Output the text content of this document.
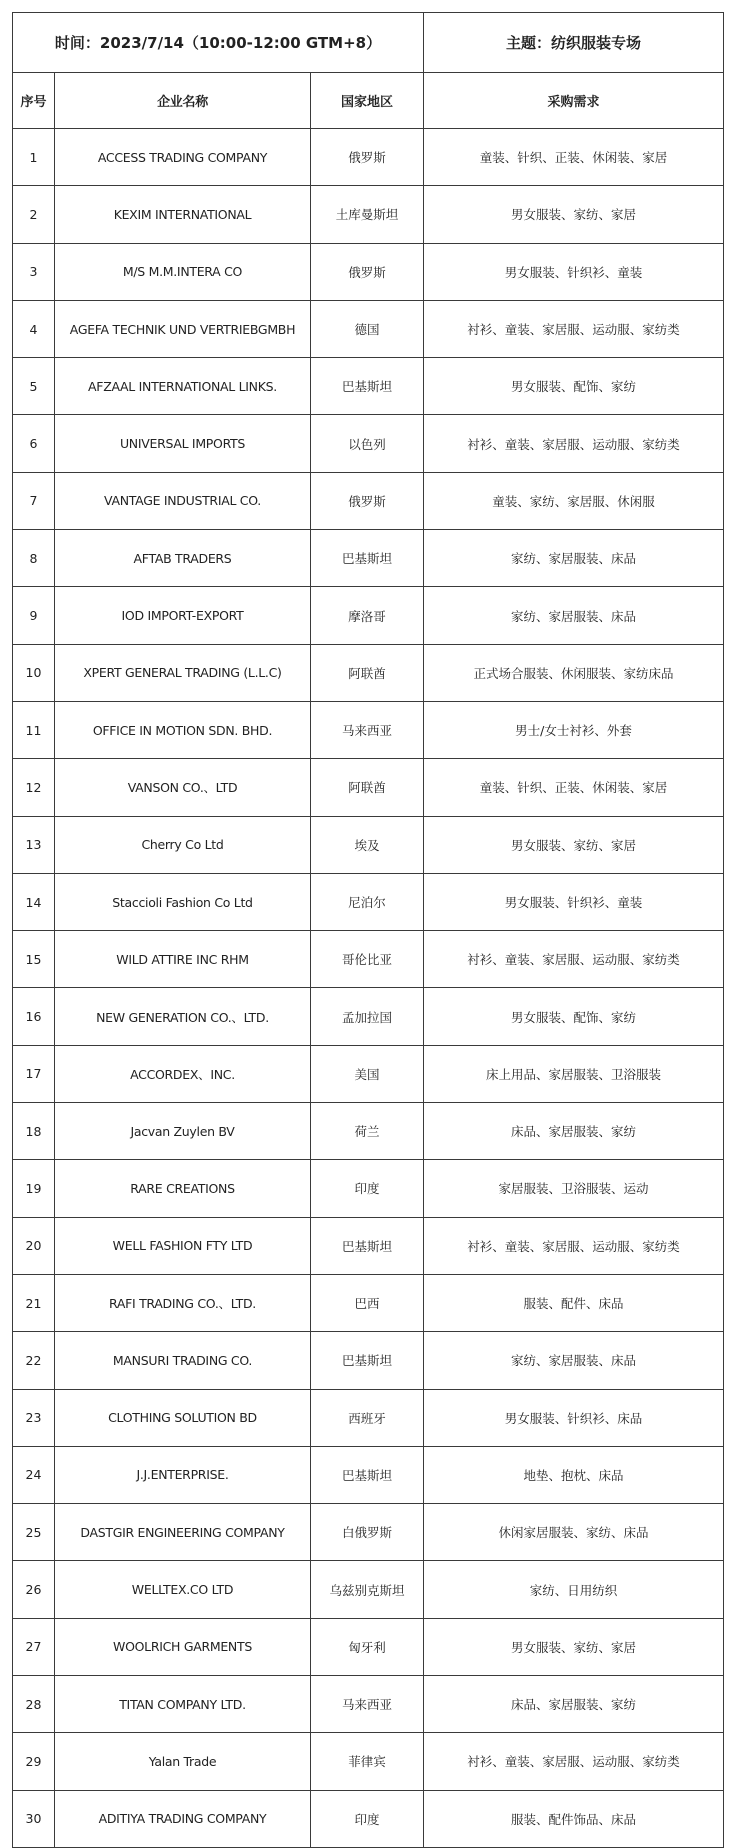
时间：2023/7/14（10:00-12:00 GTM+8）			主题：纺织服装专场
序号	企业名称	国家地区	采购需求
1	ACCESS TRADING COMPANY	俄罗斯	童装、针织、正装、休闲装、家居
2	KEXIM INTERNATIONAL	土库曼斯坦	男女服装、家纺、家居
3	M/S M.M.INTERA CO	俄罗斯	男女服装、针织衫、童装
4	AGEFA TECHNIK UND VERTRIEBGMBH	德国	衬衫、童装、家居服、运动服、家纺类
5	AFZAAL INTERNATIONAL LINKS.	巴基斯坦	男女服装、配饰、家纺
6	UNIVERSAL IMPORTS	以色列	衬衫、童装、家居服、运动服、家纺类
7	VANTAGE INDUSTRIAL CO.	俄罗斯	童装、家纺、家居服、休闲服
8	AFTAB TRADERS	巴基斯坦	家纺、家居服装、床品
9	IOD IMPORT-EXPORT	摩洛哥	家纺、家居服装、床品
10	XPERT GENERAL TRADING (L.L.C)	阿联酋	正式场合服装、休闲服装、家纺床品
11	OFFICE IN MOTION SDN. BHD.	马来西亚	男士/女士衬衫、外套
12	VANSON CO.、LTD	阿联酋	童装、针织、正装、休闲装、家居
13	Cherry Co Ltd	埃及	男女服装、家纺、家居
14	Staccioli Fashion Co Ltd	尼泊尔	男女服装、针织衫、童装
15	WILD ATTIRE INC RHM	哥伦比亚	衬衫、童装、家居服、运动服、家纺类
16	NEW GENERATION CO.、LTD.	孟加拉国	男女服装、配饰、家纺
17	ACCORDEX、INC.	美国	床上用品、家居服装、卫浴服装
18	Jacvan Zuylen BV	荷兰	床品、家居服装、家纺
19	RARE CREATIONS	印度	家居服装、卫浴服装、运动
20	WELL FASHION FTY LTD	巴基斯坦	衬衫、童装、家居服、运动服、家纺类
21	RAFI TRADING CO.、LTD.	巴西	服装、配件、床品
22	MANSURI TRADING CO.	巴基斯坦	家纺、家居服装、床品
23	CLOTHING SOLUTION BD	西班牙	男女服装、针织衫、床品
24	J.J.ENTERPRISE.	巴基斯坦	地垫、抱枕、床品
25	DASTGIR ENGINEERING COMPANY	白俄罗斯	休闲家居服装、家纺、床品
26	WELLTEX.CO LTD	乌兹别克斯坦	家纺、日用纺织
27	WOOLRICH GARMENTS	匈牙利	男女服装、家纺、家居
28	TITAN COMPANY LTD.	马来西亚	床品、家居服装、家纺
29	Yalan Trade	菲律宾	衬衫、童装、家居服、运动服、家纺类
30	ADITIYA TRADING COMPANY	印度	服装、配件饰品、床品
